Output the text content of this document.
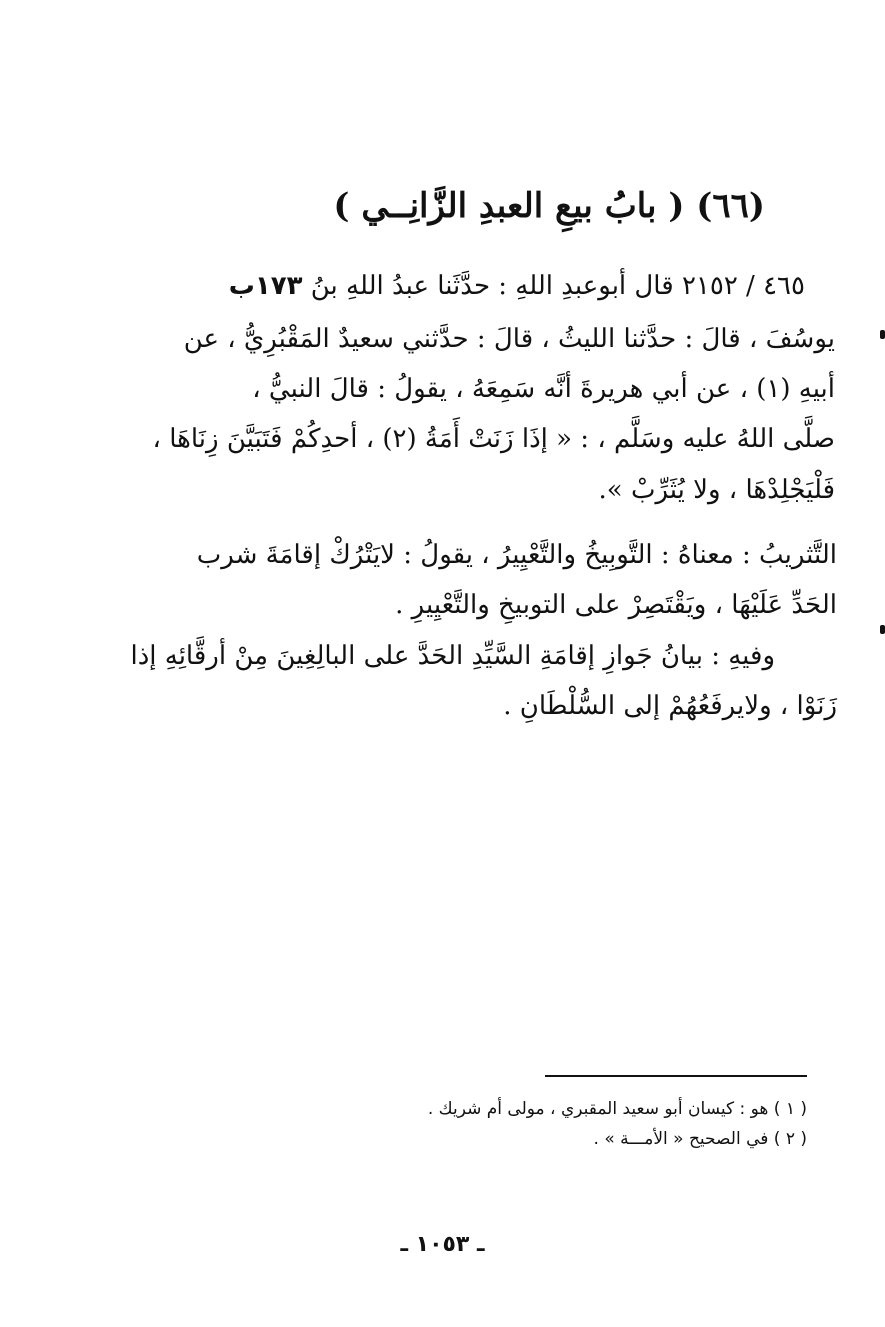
(٦٦) ( بابُ بيعِ العبدِ الزَّانِــي )
٤٦٥ / ٢١٥٢ قال أبوعبدِ اللهِ : حدَّثَنا عبدُ اللهِ بنُ ١٧٣ب
يوسُفَ ، قالَ : حدَّثنا الليثُ ، قالَ : حدَّثني سعيدٌ المَقْبُرِيُّ ، عن
أبيهِ (١) ، عن أبي هريرةَ أنَّه سَمِعَهُ ، يقولُ : قالَ النبيُّ ،
صلَّى اللهُ عليه وسَلَّم ، : « إذَا زَنَتْ أَمَةُ (٢) ، أحدِكُمْ فَتَبَيَّنَ زِنَاهَا ،
فَلْيَجْلِدْهَا ، ولا يُثَرِّبْ ».
التَّثريبُ : معناهُ : التَّوبِيخُ والتَّعْيِيرُ ، يقولُ : لايَتْرُكْ إقامَةَ شرب
الحَدِّ عَلَيْهَا ، ويَقْتَصِرْ على التوبيخِ والتَّعْيِيرِ .
وفيهِ : بيانُ جَوازِ إقامَةِ السَّيِّدِ الحَدَّ على البالِغِينَ مِنْ أرقَّائِهِ إذا
زَنَوْا ، ولايرفَعُهُمْ إلى السُّلْطَانِ .
( ١ ) هو : كيسان أبو سعيد المقبري ، مولى أم شريك .
( ٢ ) في الصحيح « الأمـــة » .
ـ ١٠٥٣ ـ
